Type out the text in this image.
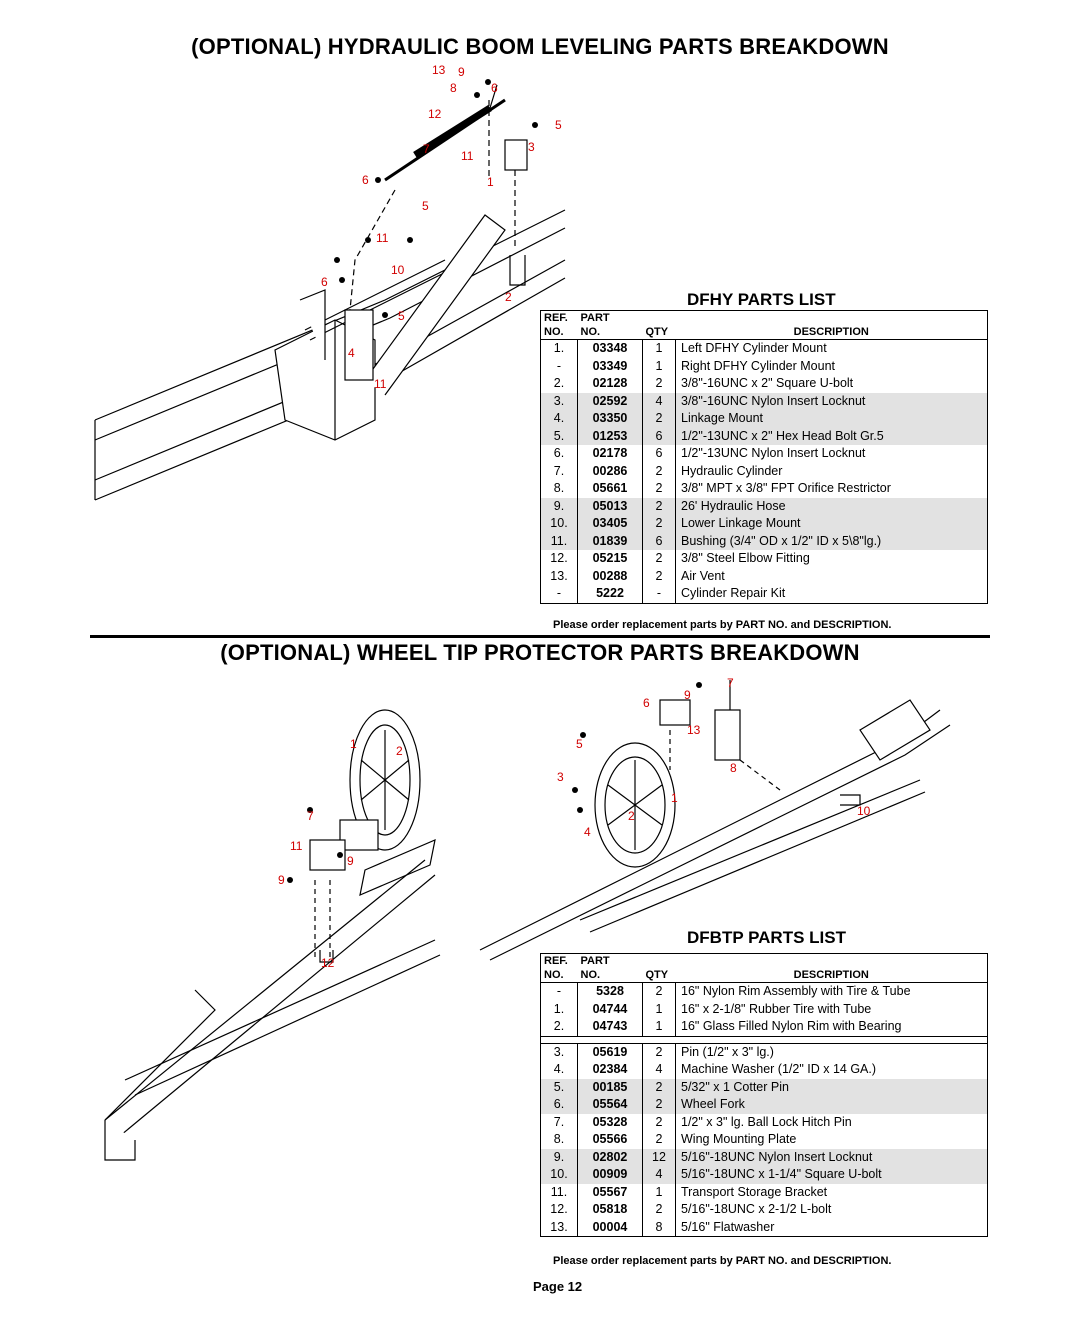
(OPTIONAL) HYDRAULIC BOOM LEVELING PARTS BREAKDOWN
13 9
8	6
12
5
7	11
3
6	1
5
11
10
6
2
5
4
11
DFHY PARTS LIST
REF.	PART		
NO.	NO.	QTY	DESCRIPTION
1.	03348	1	Left DFHY Cylinder Mount
-	03349	1	Right DFHY Cylinder Mount
2.	02128	2	3/8"-16UNC x 2" Square U-bolt
3.	02592	4	3/8"-16UNC Nylon Insert Locknut
4.	03350	2	Linkage Mount
5.	01253	6	1/2"-13UNC x 2" Hex Head Bolt Gr.5
6.	02178	6	1/2"-13UNC Nylon Insert Locknut
7.	00286	2	Hydraulic Cylinder
8.	05661	2	3/8" MPT x 3/8" FPT Orifice Restrictor
9.	05013	2	26' Hydraulic Hose
10.	03405	2	Lower Linkage Mount
11.	01839	6	Bushing (3/4" OD x 1/2" ID x 5\8"lg.)
12.	05215	2	3/8" Steel Elbow Fitting
13.	00288	2	Air Vent
-	5222	-	Cylinder Repair Kit
Please order replacement parts by PART NO. and DESCRIPTION.
(OPTIONAL) WHEEL TIP PROTECTOR PARTS BREAKDOWN
1	2
7
11
9
9
12
7
6
9
13
5
8
3
1
2	10
4
DFBTP PARTS LIST
REF.	PART		
NO.	NO.	QTY	DESCRIPTION
-	5328	2	16" Nylon Rim Assembly with Tire & Tube
1.	04744	1	16" x 2-1/8" Rubber Tire with Tube
2.	04743	1	16" Glass Filled Nylon Rim with Bearing

3.	05619	2	Pin (1/2" x 3" lg.)
4.	02384	4	Machine Washer (1/2" ID x 14 GA.)
5.	00185	2	5/32" x 1 Cotter Pin
6.	05564	2	Wheel Fork
7.	05328	2	1/2" x 3" lg. Ball Lock Hitch Pin
8.	05566	2	Wing Mounting Plate
9.	02802	12	5/16"-18UNC Nylon Insert Locknut
10.	00909	4	5/16"-18UNC x 1-1/4" Square U-bolt
11.	05567	1	Transport Storage Bracket
12.	05818	2	5/16"-18UNC x 2-1/2 L-bolt
13.	00004	8	5/16" Flatwasher
Please order replacement parts by PART NO. and DESCRIPTION.
Page 12
